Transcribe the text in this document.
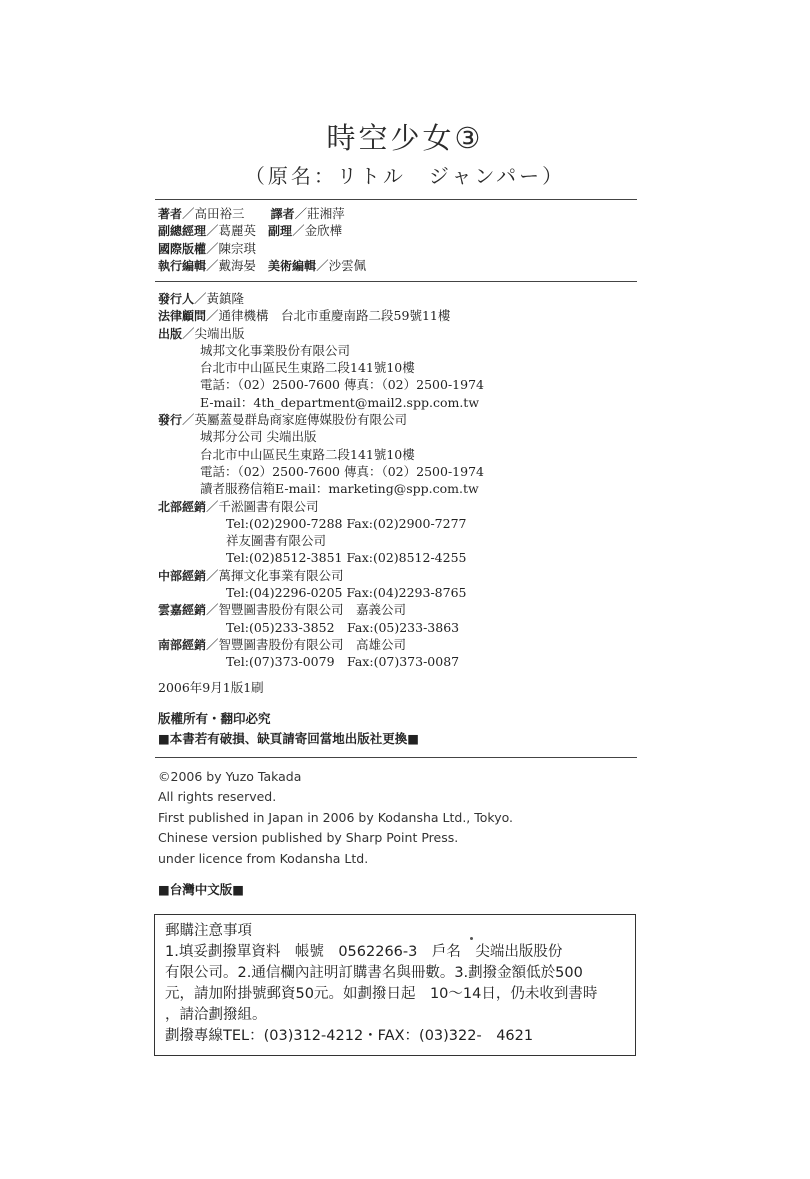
時空少女③
（原名：リトル　ジャンパー）
著者／高田裕三 譯者／莊湘萍
副總經理／葛麗英 副理／金欣樺
國際版權／陳宗琪
執行編輯／戴海晏 美術編輯／沙雲佩
發行人／黃鎮隆
法律顧問／通律機構　台北市重慶南路二段59號11樓
出版／尖端出版
城邦文化事業股份有限公司
台北市中山區民生東路二段141號10樓
電話：（02）2500-7600 傳真：（02）2500-1974
E-mail：4th_department@mail2.spp.com.tw
發行／英屬蓋曼群島商家庭傳媒股份有限公司
城邦分公司 尖端出版
台北市中山區民生東路二段141號10樓
電話：（02）2500-7600 傳真：（02）2500-1974
讀者服務信箱E-mail：marketing@spp.com.tw
北部經銷／千淞圖書有限公司
Tel:(02)2900-7288 Fax:(02)2900-7277
祥友圖書有限公司
Tel:(02)8512-3851 Fax:(02)8512-4255
中部經銷／萬揮文化事業有限公司
Tel:(04)2296-0205 Fax:(04)2293-8765
雲嘉經銷／智豐圖書股份有限公司　嘉義公司
Tel:(05)233-3852　Fax:(05)233-3863
南部經銷／智豐圖書股份有限公司　高雄公司
Tel:(07)373-0079　Fax:(07)373-0087
2006年9月1版1刷
版權所有・翻印必究
■本書若有破損、缺頁請寄回當地出版社更換■
©2006 by Yuzo Takada
All rights reserved.
First published in Japan in 2006 by Kodansha Ltd., Tokyo.
Chinese version published by Sharp Point Press.
under licence from Kodansha Ltd.
■台灣中文版■
郵購注意事項
1.填妥劃撥單資料　帳號　0562266-3　戶名　尖端出版股份
有限公司。2.通信欄內註明訂購書名與冊數。3.劃撥金額低於500
元，請加附掛號郵資50元。如劃撥日起　10～14日，仍未收到書時
，請洽劃撥組。
劃撥專線TEL：(03)312-4212・FAX：(03)322-　4621
